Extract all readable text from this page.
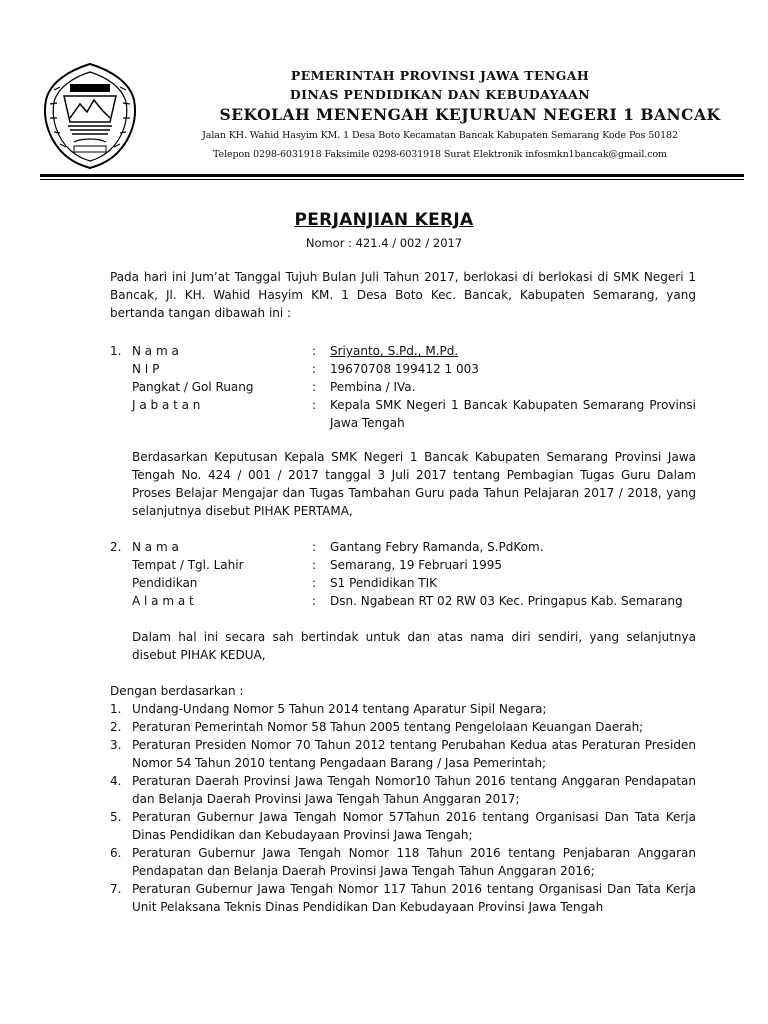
PEMERINTAH PROVINSI JAWA TENGAH
DINAS PENDIDIKAN DAN KEBUDAYAAN
SEKOLAH MENENGAH KEJURUAN NEGERI 1 BANCAK
Jalan KH. Wahid Hasyim KM. 1 Desa Boto Kecamatan Bancak Kabupaten Semarang Kode Pos 50182
Telepon 0298-6031918 Faksimile 0298-6031918 Surat Elektronik infosmkn1bancak@gmail.com
PERJANJIAN KERJA
Nomor : 421.4 / 002 / 2017
Pada hari ini Jum’at Tanggal Tujuh Bulan Juli Tahun 2017, berlokasi di berlokasi di SMK Negeri 1 Bancak, Jl. KH. Wahid Hasyim KM. 1 Desa Boto Kec. Bancak, Kabupaten Semarang, yang bertanda tangan dibawah ini :
1. N a m a	: Sriyanto, S.Pd., M.Pd.
N I P	: 19670708 199412 1 003
Pangkat / Gol Ruang	: Pembina / IVa.
J a b a t a n	: Kepala SMK Negeri 1 Bancak Kabupaten Semarang Provinsi Jawa Tengah
Berdasarkan Keputusan Kepala SMK Negeri 1 Bancak Kabupaten Semarang Provinsi Jawa Tengah No. 424 / 001 / 2017 tanggal 3 Juli 2017 tentang Pembagian Tugas Guru Dalam Proses Belajar Mengajar dan Tugas Tambahan Guru pada Tahun Pelajaran 2017 / 2018, yang selanjutnya disebut PIHAK PERTAMA,
2. N a m a	: Gantang Febry Ramanda, S.PdKom.
Tempat / Tgl. Lahir	: Semarang, 19 Februari 1995
Pendidikan	: S1 Pendidikan TIK
A l a m a t	: Dsn. Ngabean RT 02 RW 03 Kec. Pringapus Kab. Semarang
Dalam hal ini secara sah bertindak untuk dan atas nama diri sendiri, yang selanjutnya disebut PIHAK KEDUA,
Dengan berdasarkan :
1. Undang-Undang Nomor 5 Tahun 2014 tentang Aparatur Sipil Negara;
2. Peraturan Pemerintah Nomor 58 Tahun 2005 tentang Pengelolaan Keuangan Daerah;
3. Peraturan Presiden Nomor 70 Tahun 2012 tentang Perubahan Kedua atas Peraturan Presiden Nomor 54 Tahun 2010 tentang Pengadaan Barang / Jasa Pemerintah;
4. Peraturan Daerah Provinsi Jawa Tengah Nomor10 Tahun 2016 tentang Anggaran Pendapatan dan Belanja Daerah Provinsi Jawa Tengah Tahun Anggaran 2017;
5. Peraturan Gubernur Jawa Tengah Nomor 57Tahun 2016 tentang Organisasi Dan Tata Kerja Dinas Pendidikan dan Kebudayaan Provinsi Jawa Tengah;
6. Peraturan Gubernur Jawa Tengah Nomor 118 Tahun 2016 tentang Penjabaran Anggaran Pendapatan dan Belanja Daerah Provinsi Jawa Tengah Tahun Anggaran 2016;
7. Peraturan Gubernur Jawa Tengah Nomor 117 Tahun 2016 tentang Organisasi Dan Tata Kerja Unit Pelaksana Teknis Dinas Pendidikan Dan Kebudayaan Provinsi Jawa Tengah
